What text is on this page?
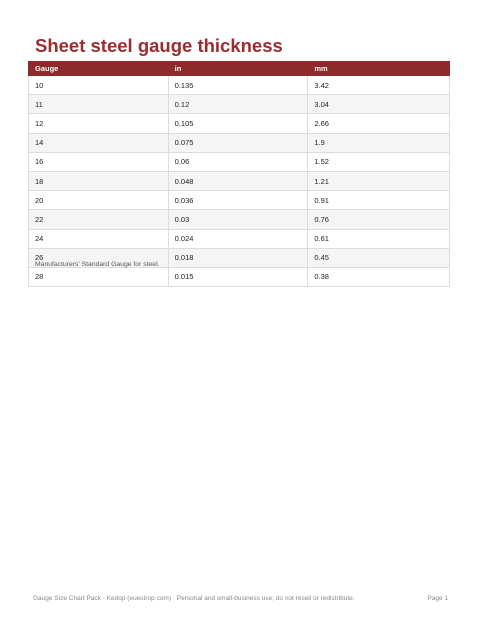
Sheet steel gauge thickness
Gauge	in	mm
10	0.135	3.42
11	0.12	3.04
12	0.105	2.66
14	0.075	1.9
16	0.06	1.52
18	0.048	1.21
20	0.036	0.91
22	0.03	0.76
24	0.024	0.61
26	0.018	0.45
28	0.015	0.38
Manufacturers' Standard Gauge for steel.
Gauge Size Chart Pack · Kedop (euestrop.com) · Personal and small-business use; do not resell or redistribute.	Page 1
